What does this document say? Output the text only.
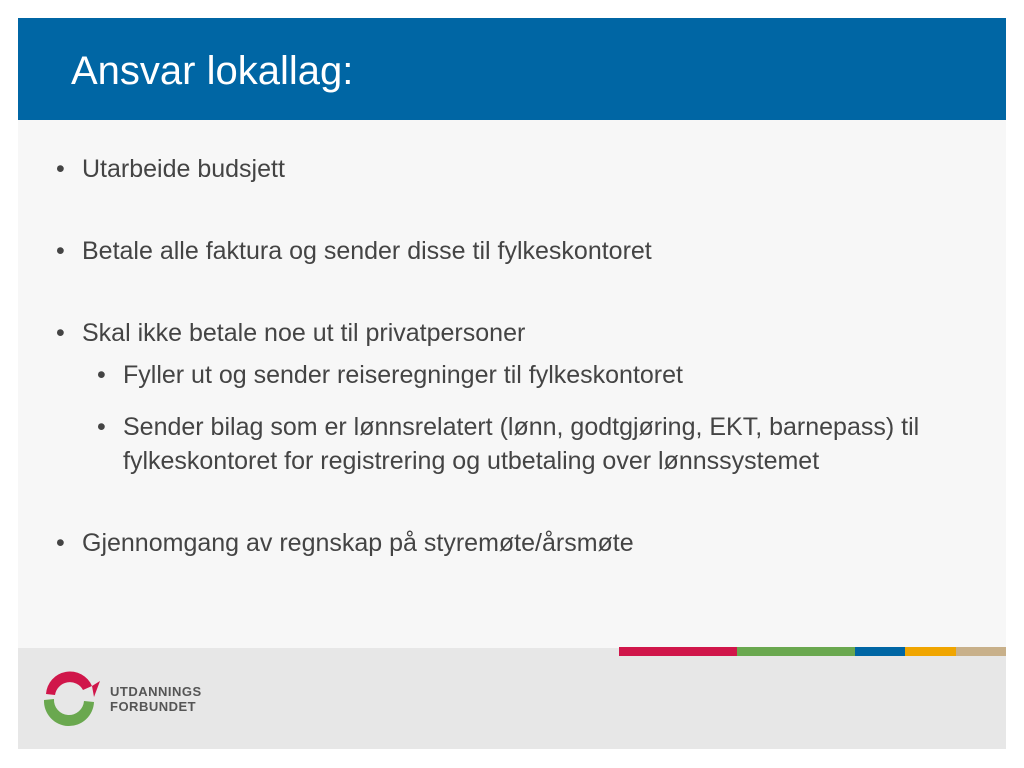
Ansvar lokallag:

• Utarbeide budsjett

• Betale alle faktura og sender disse til fylkeskontoret

• Skal ikke betale noe ut til privatpersoner

• Fyller ut og sender reiseregninger til fylkeskontoret

• Sender bilag som er lønnsrelatert (lønn, godtgjøring, EKT, barnepass) til fylkeskontoret for registrering og utbetaling over lønnssystemet

• Gjennomgang av regnskap på styremøte/årsmøte

UTDANNINGS
FORBUNDET
